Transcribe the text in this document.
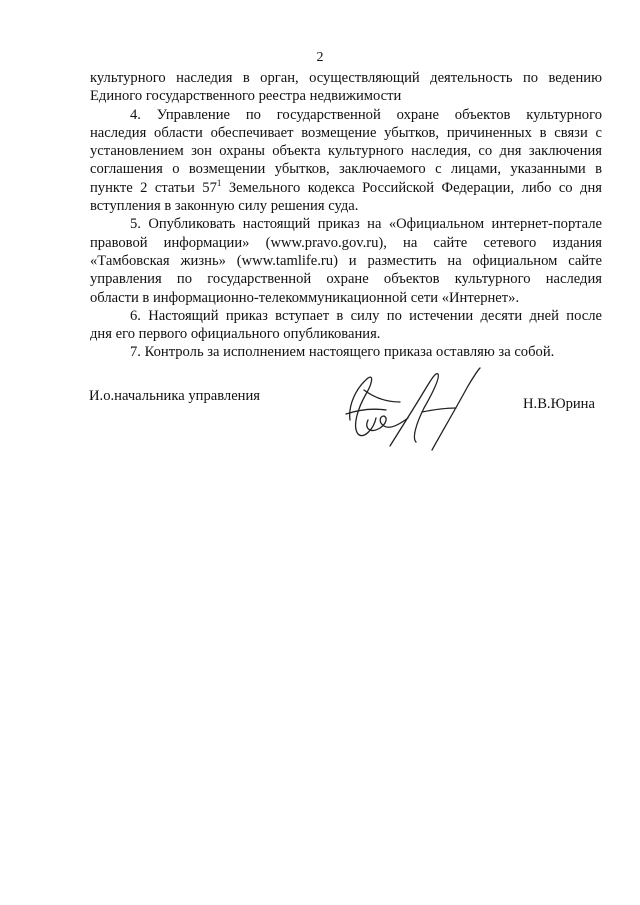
2
культурного наследия в орган, осуществляющий деятельность по ведению
Единого государственного реестра недвижимости
4. Управление по государственной охране объектов культурного
наследия области обеспечивает возмещение убытков, причиненных в связи с
установлением зон охраны объекта культурного наследия, со дня заключения
соглашения о возмещении убытков, заключаемого с лицами, указанными в
пункте 2 статьи $57^1$ Земельного кодекса Российской Федерации, либо со дня
вступления в законную силу решения суда.
5. Опубликовать настоящий приказ на «Официальном интернет-портале
правовой информации» (www.pravo.gov.ru), на сайте сетевого издания
«Тамбовская жизнь» (www.tamlife.ru) и разместить на официальном сайте
управления по государственной охране объектов культурного наследия
области в информационно-телекоммуникационной сети «Интернет».
6. Настоящий приказ вступает в силу по истечении десяти дней после
дня его первого официального опубликования.
7. Контроль за исполнением настоящего приказа оставляю за собой.
И.о.начальника управления	Н.В.Юрина
